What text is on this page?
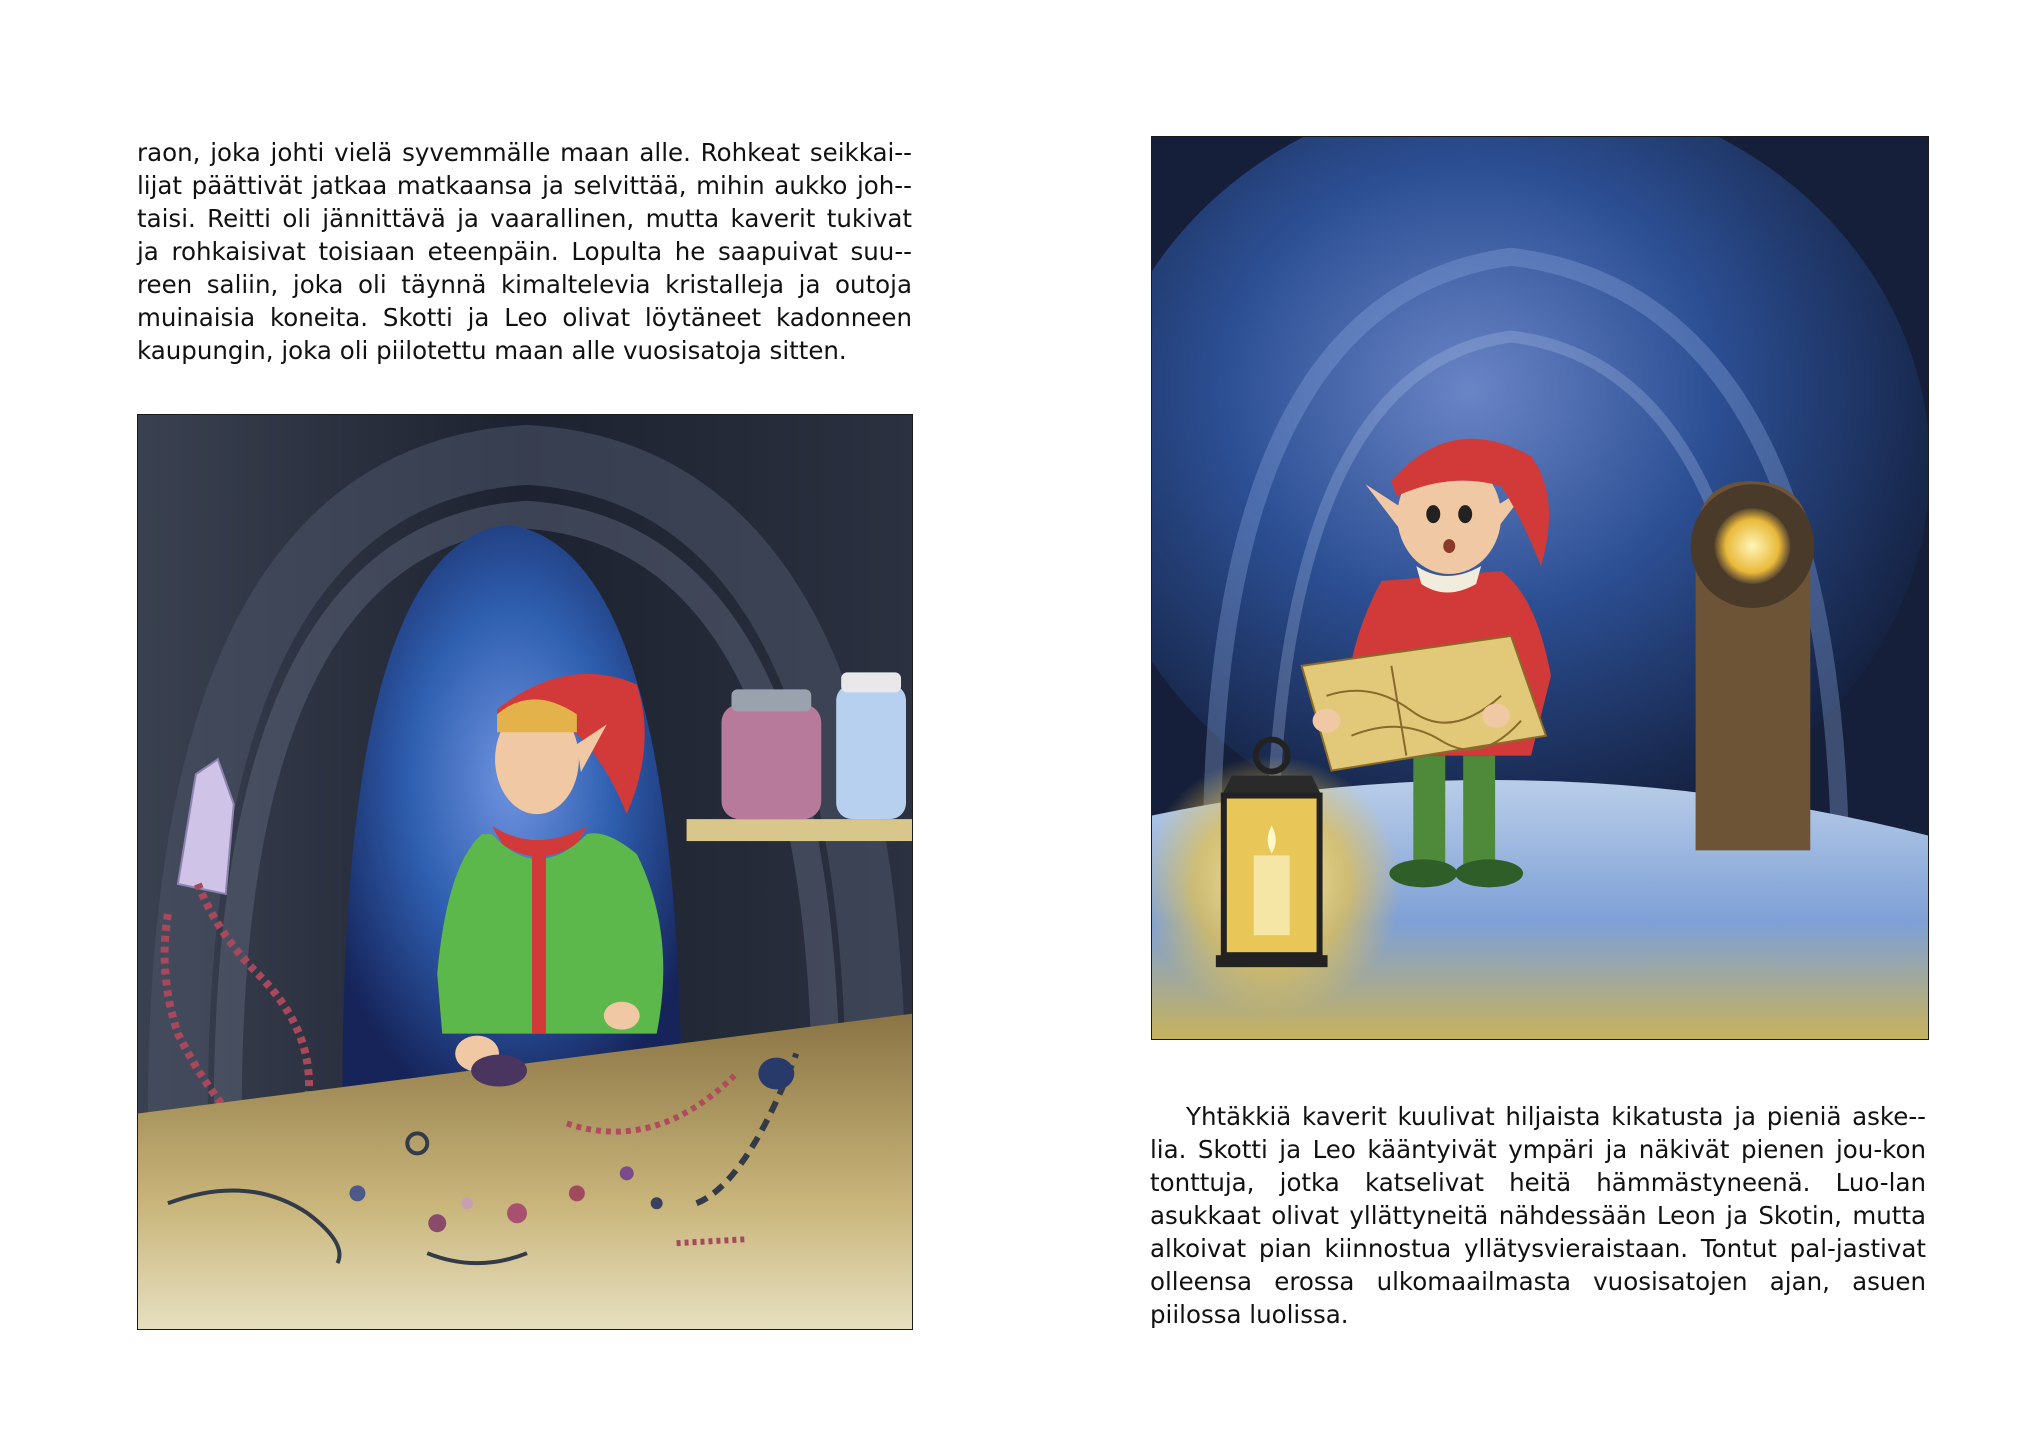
raon, joka johti vielä syvemmälle maan alle. Rohkeat seikkai-lijat päättivät jatkaa matkaansa ja selvittää, mihin aukko joh-taisi. Reitti oli jännittävä ja vaarallinen, mutta kaverit tukivat ja rohkaisivat toisiaan eteenpäin. Lopulta he saapuivat suu-reen saliin, joka oli täynnä kimaltelevia kristalleja ja outoja muinaisia koneita. Skotti ja Leo olivat löytäneet kadonneen kaupungin, joka oli piilotettu maan alle vuosisatoja sitten.
Yhtäkkiä kaverit kuulivat hiljaista kikatusta ja pieniä aske-lia. Skotti ja Leo kääntyivät ympäri ja näkivät pienen jou-kon tonttuja, jotka katselivat heitä hämmästyneenä. Luo-lan asukkaat olivat yllättyneitä nähdessään Leon ja Skotin, mutta alkoivat pian kiinnostua yllätysvieraistaan. Tontut pal-jastivat olleensa erossa ulkomaailmasta vuosisatojen ajan, asuen piilossa luolissa.
